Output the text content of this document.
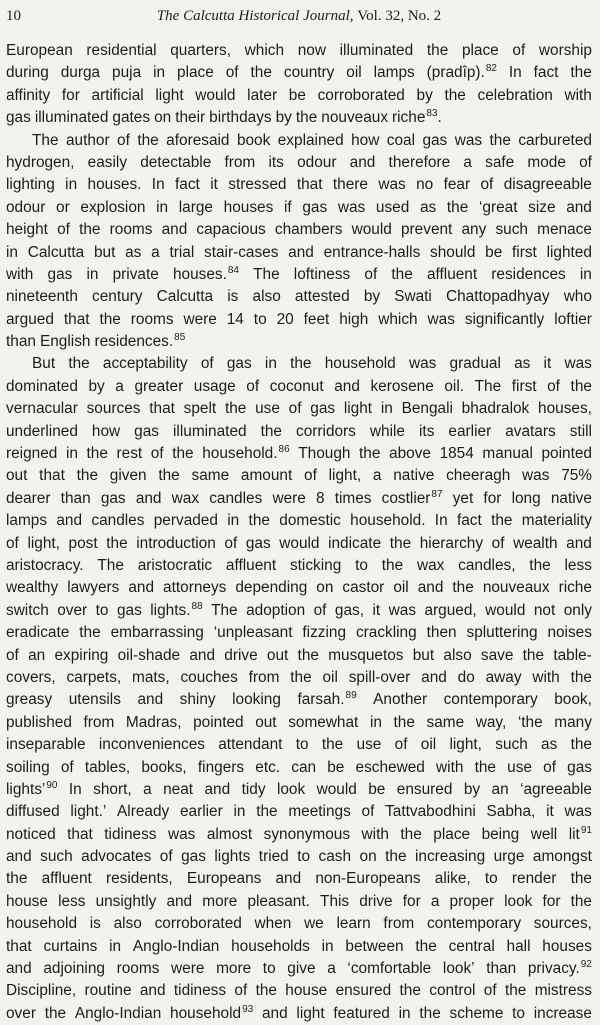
10	The Calcutta Historical Journal, Vol. 32, No. 2
European residential quarters, which now illuminated the place of worship
during durga puja in place of the country oil lamps (pradîp).$^{82}$ In fact the
affinity for artificial light would later be corroborated by the celebration with
gas illuminated gates on their birthdays by the nouveaux riche$^{83}$.
The author of the aforesaid book explained how coal gas was the carbureted
hydrogen, easily detectable from its odour and therefore a safe mode of
lighting in houses. In fact it stressed that there was no fear of disagreeable
odour or explosion in large houses if gas was used as the ‘great size and
height of the rooms and capacious chambers would prevent any such menace
in Calcutta but as a trial stair-cases and entrance-halls should be first lighted
with gas in private houses.$^{84}$ The loftiness of the affluent residences in
nineteenth century Calcutta is also attested by Swati Chattopadhyay who
argued that the rooms were 14 to 20 feet high which was significantly loftier
than English residences.$^{85}$
But the acceptability of gas in the household was gradual as it was
dominated by a greater usage of coconut and kerosene oil. The first of the
vernacular sources that spelt the use of gas light in Bengali bhadralok houses,
underlined how gas illuminated the corridors while its earlier avatars still
reigned in the rest of the household.$^{86}$ Though the above 1854 manual pointed
out that the given the same amount of light, a native cheeragh was 75%
dearer than gas and wax candles were 8 times costlier$^{87}$ yet for long native
lamps and candles pervaded in the domestic household. In fact the materiality
of light, post the introduction of gas would indicate the hierarchy of wealth and
aristocracy. The aristocratic affluent sticking to the wax candles, the less
wealthy lawyers and attorneys depending on castor oil and the nouveaux riche
switch over to gas lights.$^{88}$ The adoption of gas, it was argued, would not only
eradicate the embarrassing ‘unpleasant fizzing crackling then spluttering noises
of an expiring oil-shade and drive out the musquetos but also save the table-
covers, carpets, mats, couches from the oil spill-over and do away with the
greasy utensils and shiny looking farsah.$^{89}$ Another contemporary book,
published from Madras, pointed out somewhat in the same way, ‘the many
inseparable inconveniences attendant to the use of oil light, such as the
soiling of tables, books, fingers etc. can be eschewed with the use of gas
lights’$^{90}$ In short, a neat and tidy look would be ensured by an ‘agreeable
diffused light.’ Already earlier in the meetings of Tattvabodhini Sabha, it was
noticed that tidiness was almost synonymous with the place being well lit$^{91}$
and such advocates of gas lights tried to cash on the increasing urge amongst
the affluent residents, Europeans and non-Europeans alike, to render the
house less unsightly and more pleasant. This drive for a proper look for the
household is also corroborated when we learn from contemporary sources,
that curtains in Anglo-Indian households in between the central hall houses
and adjoining rooms were more to give a ‘comfortable look’ than privacy.$^{92}$
Discipline, routine and tidiness of the house ensured the control of the mistress
over the Anglo-Indian household$^{93}$ and light featured in the scheme to increase
